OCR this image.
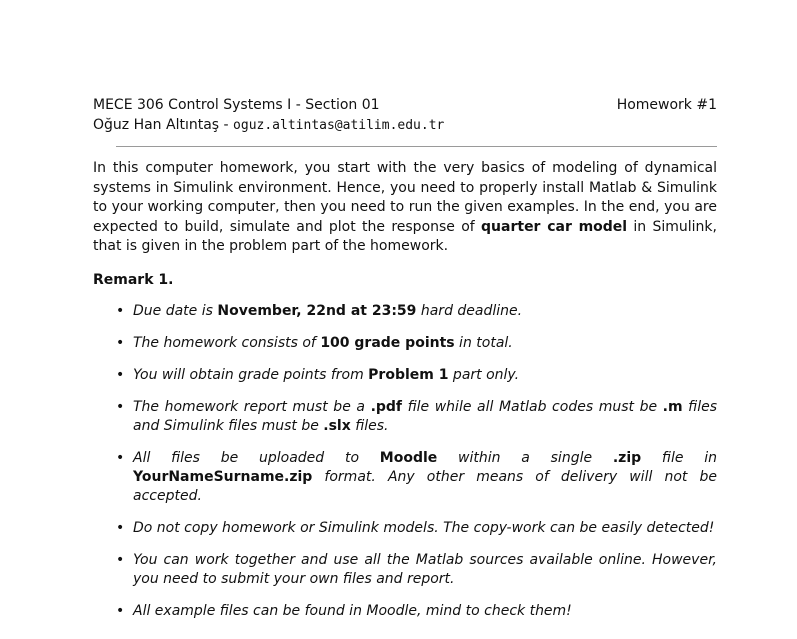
MECE 306 Control Systems I - Section 01
Oğuz Han Altıntaş - oguz.altintas@atilim.edu.tr
Homework #1

In this computer homework, you start with the very basics of modeling of dynamical systems in Simulink environment. Hence, you need to properly install Matlab & Simulink to your working computer, then you need to run the given examples. In the end, you are expected to build, simulate and plot the response of quarter car model in Simulink, that is given in the problem part of the homework.

Remark 1.
• Due date is November, 22nd at 23:59 hard deadline.
• The homework consists of 100 grade points in total.
• You will obtain grade points from Problem 1 part only.
• The homework report must be a .pdf file while all Matlab codes must be .m files and Simulink files must be .slx files.
• All files be uploaded to Moodle within a single .zip file in YourNameSurname.zip format. Any other means of delivery will not be accepted.
• Do not copy homework or Simulink models. The copy-work can be easily detected!
• You can work together and use all the Matlab sources available online. However, you need to submit your own files and report.
• All example files can be found in Moodle, mind to check them!
